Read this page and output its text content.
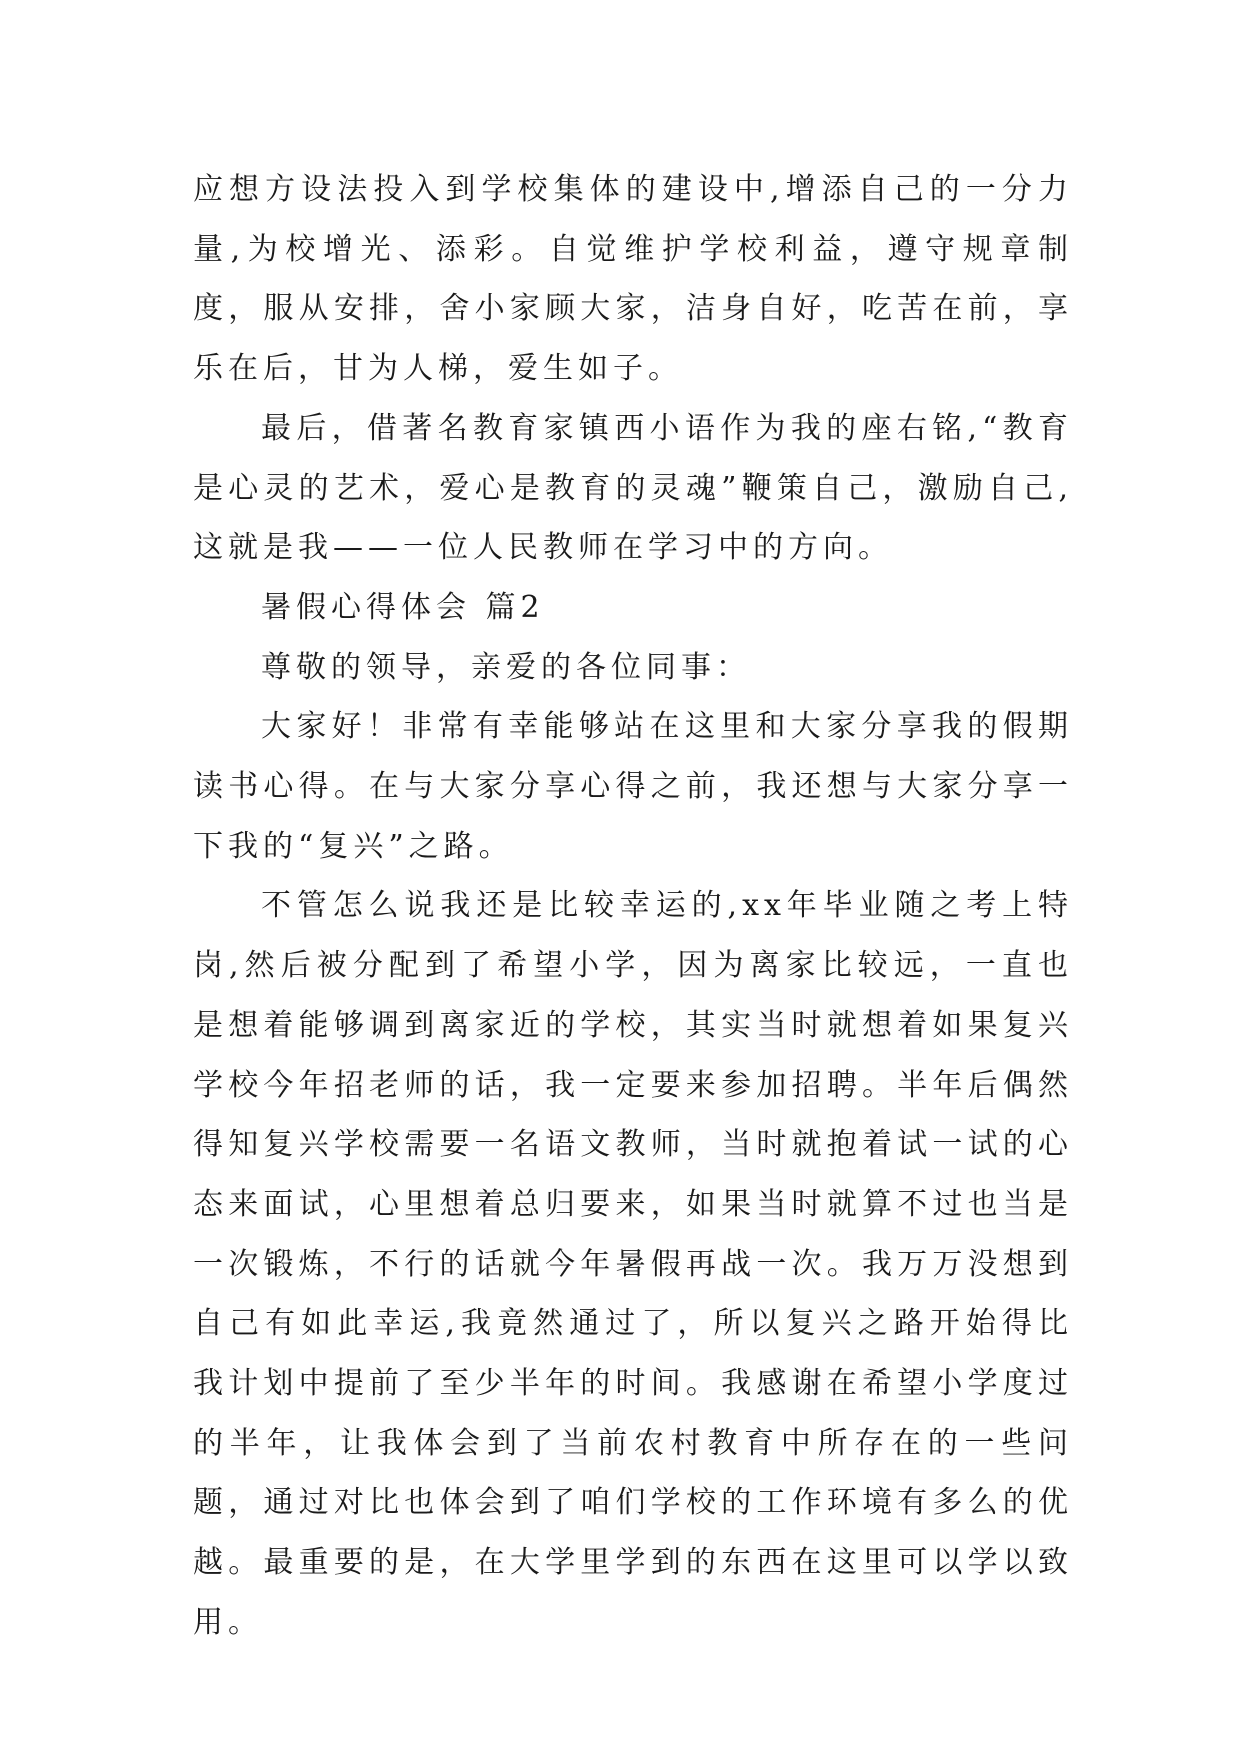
应想方设法投入到学校集体的建设中,增添自己的一分力量,为校增光、添彩。自觉维护学校利益，遵守规章制度，服从安排，舍小家顾大家，洁身自好，吃苦在前，享乐在后，甘为人梯，爱生如子。

最后，借著名教育家镇西小语作为我的座右铭,“教育是心灵的艺术，爱心是教育的灵魂”鞭策自己，激励自己,这就是我——一位人民教师在学习中的方向。

暑假心得体会 篇2

尊敬的领导，亲爱的各位同事：

大家好！非常有幸能够站在这里和大家分享我的假期读书心得。在与大家分享心得之前，我还想与大家分享一下我的“复兴”之路。

不管怎么说我还是比较幸运的,xx年毕业随之考上特岗,然后被分配到了希望小学，因为离家比较远，一直也是想着能够调到离家近的学校，其实当时就想着如果复兴学校今年招老师的话，我一定要来参加招聘。半年后偶然得知复兴学校需要一名语文教师，当时就抱着试一试的心态来面试，心里想着总归要来，如果当时就算不过也当是一次锻炼，不行的话就今年暑假再战一次。我万万没想到自己有如此幸运,我竟然通过了，所以复兴之路开始得比我计划中提前了至少半年的时间。我感谢在希望小学度过的半年，让我体会到了当前农村教育中所存在的一些问题，通过对比也体会到了咱们学校的工作环境有多么的优越。最重要的是，在大学里学到的东西在这里可以学以致用。
